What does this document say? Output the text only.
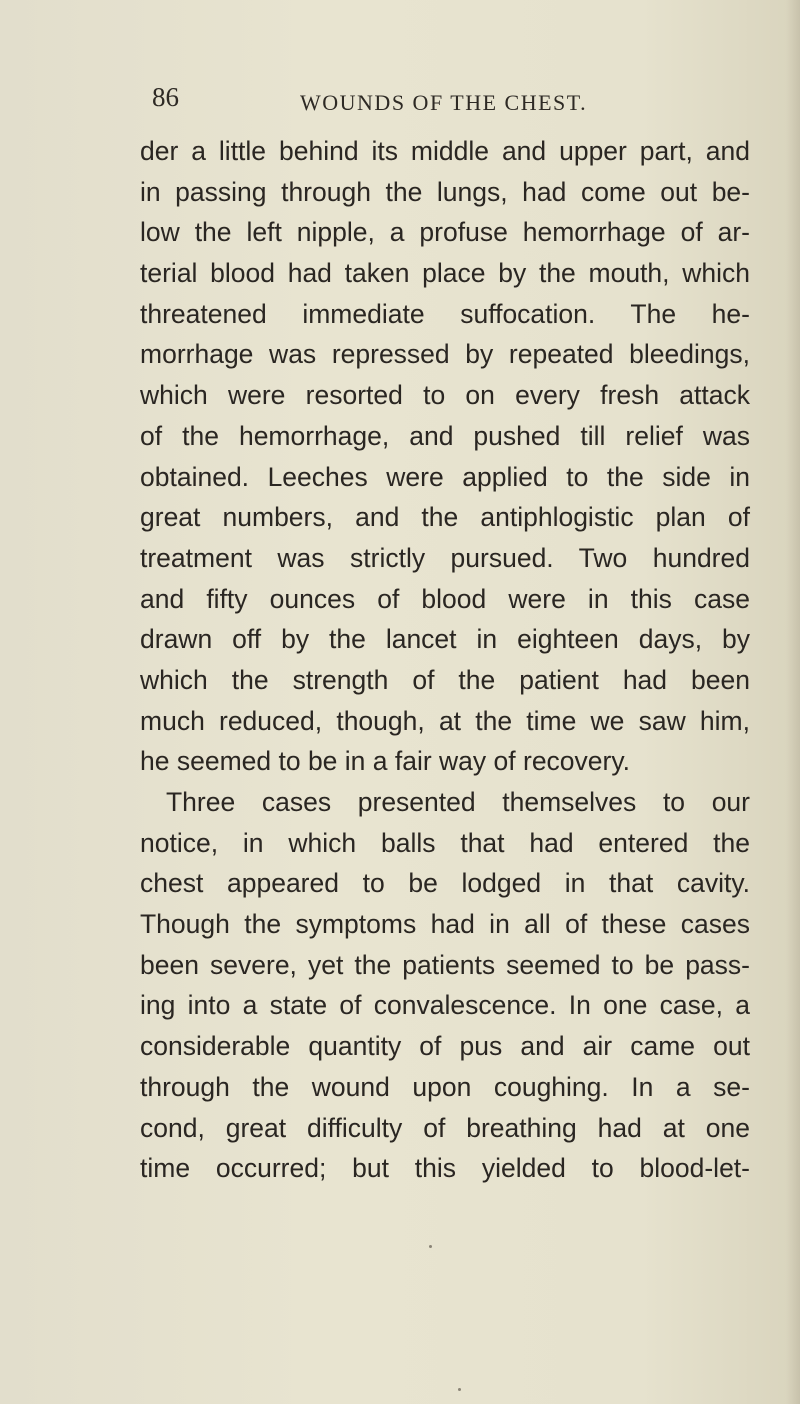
86	WOUNDS OF THE CHEST.
der a little behind its middle and upper part, and
in passing through the lungs, had come out be-
low the left nipple, a profuse hemorrhage of ar-
terial blood had taken place by the mouth, which
threatened immediate suffocation. The he-
morrhage was repressed by repeated bleedings,
which were resorted to on every fresh attack
of the hemorrhage, and pushed till relief was
obtained. Leeches were applied to the side in
great numbers, and the antiphlogistic plan of
treatment was strictly pursued. Two hundred
and fifty ounces of blood were in this case
drawn off by the lancet in eighteen days, by
which the strength of the patient had been
much reduced, though, at the time we saw him,
he seemed to be in a fair way of recovery.
Three cases presented themselves to our
notice, in which balls that had entered the
chest appeared to be lodged in that cavity.
Though the symptoms had in all of these cases
been severe, yet the patients seemed to be pass-
ing into a state of convalescence. In one case, a
considerable quantity of pus and air came out
through the wound upon coughing. In a se-
cond, great difficulty of breathing had at one
time occurred; but this yielded to blood-let-
